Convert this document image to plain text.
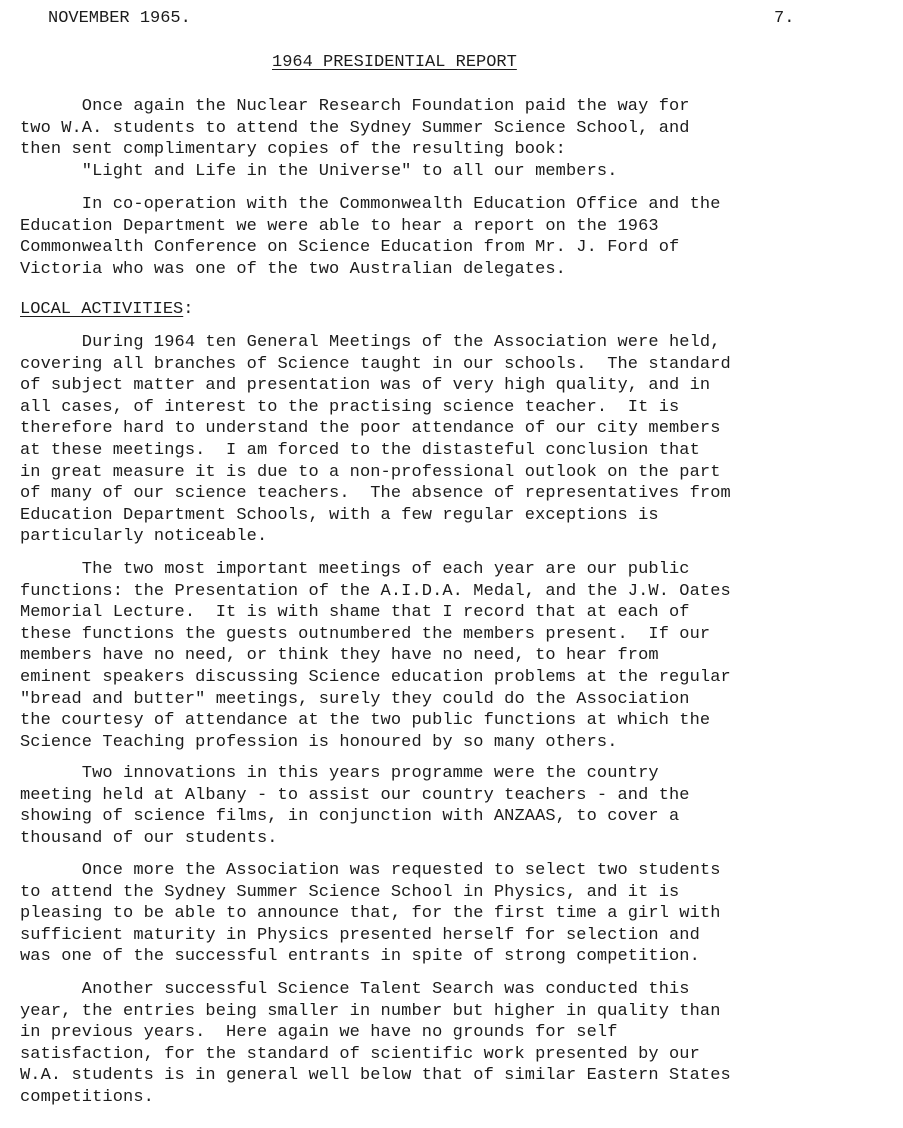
NOVEMBER 1965.	7.
1964 PRESIDENTIAL REPORT
Once again the Nuclear Research Foundation paid the way for
two W.A. students to attend the Sydney Summer Science School, and
then sent complimentary copies of the resulting book:
"Light and Life in the Universe" to all our members.
In co-operation with the Commonwealth Education Office and the
Education Department we were able to hear a report on the 1963
Commonwealth Conference on Science Education from Mr. J. Ford of
Victoria who was one of the two Australian delegates.
LOCAL ACTIVITIES:
During 1964 ten General Meetings of the Association were held,
covering all branches of Science taught in our schools.  The standard
of subject matter and presentation was of very high quality, and in
all cases, of interest to the practising science teacher.  It is
therefore hard to understand the poor attendance of our city members
at these meetings.  I am forced to the distasteful conclusion that
in great measure it is due to a non-professional outlook on the part
of many of our science teachers.  The absence of representatives from
Education Department Schools, with a few regular exceptions is
particularly noticeable.
The two most important meetings of each year are our public
functions: the Presentation of the A.I.D.A. Medal, and the J.W. Oates
Memorial Lecture.  It is with shame that I record that at each of
these functions the guests outnumbered the members present.  If our
members have no need, or think they have no need, to hear from
eminent speakers discussing Science education problems at the regular
"bread and butter" meetings, surely they could do the Association
the courtesy of attendance at the two public functions at which the
Science Teaching profession is honoured by so many others.
Two innovations in this years programme were the country
meeting held at Albany - to assist our country teachers - and the
showing of science films, in conjunction with ANZAAS, to cover a
thousand of our students.
Once more the Association was requested to select two students
to attend the Sydney Summer Science School in Physics, and it is
pleasing to be able to announce that, for the first time a girl with
sufficient maturity in Physics presented herself for selection and
was one of the successful entrants in spite of strong competition.
Another successful Science Talent Search was conducted this
year, the entries being smaller in number but higher in quality than
in previous years.  Here again we have no grounds for self
satisfaction, for the standard of scientific work presented by our
W.A. students is in general well below that of similar Eastern States
competitions.
